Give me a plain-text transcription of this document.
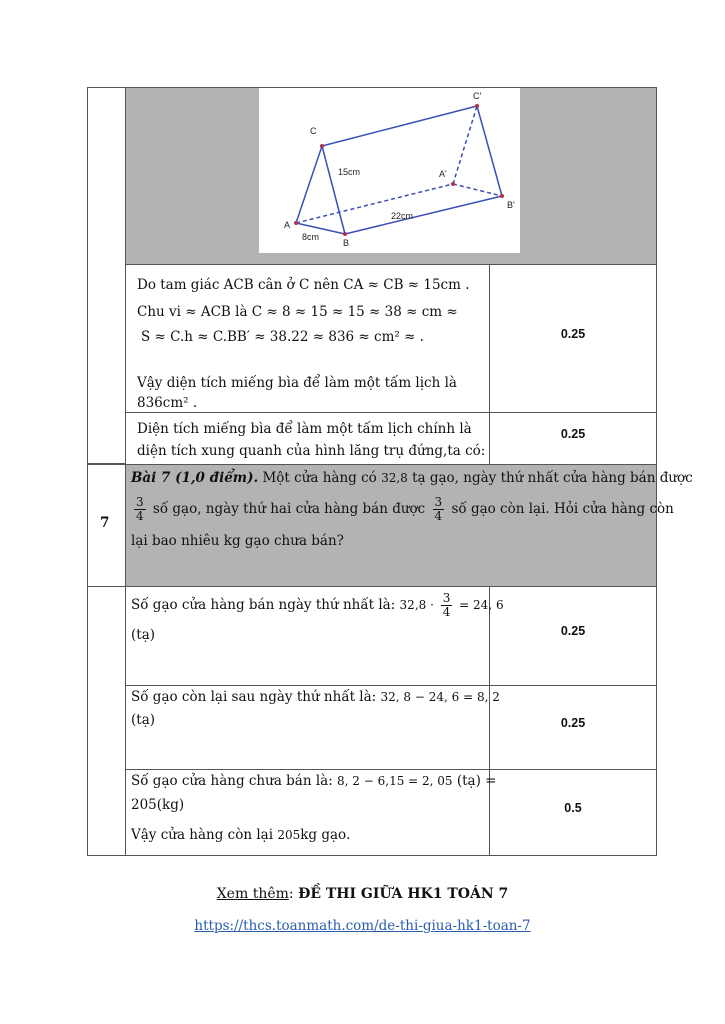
C
A
B
C'
A'
B'
15cm
22cm
8cm
Do tam giác ACB cân ở C nên CA ≈ CB ≈ 15cm .
Chu vi ≈ ACB là C ≈ 8 ≈ 15 ≈ 15 ≈ 38 ≈ cm ≈
S ≈ C.h ≈ C.BB′ ≈ 38.22 ≈ 836 ≈ cm² ≈ .
Vậy diện tích miếng bìa để làm một tấm lịch là
836cm² .
0.25
Diện tích miếng bìa để làm một tấm lịch chính là
diện tích xung quanh của hình lăng trụ đứng,ta có:
0.25
7
Bài 7 (1,0 điểm). Một cửa hàng có 32,8 tạ gạo, ngày thứ nhất cửa hàng bán được
$\frac{3}{4}$ số gạo, ngày thứ hai cửa hàng bán được $\frac{3}{4}$ số gạo còn lại. Hỏi cửa hàng còn
lại bao nhiêu kg gạo chưa bán?
Số gạo cửa hàng bán ngày thứ nhất là: $32,8 \cdot \frac{3}{4} = 24$, 6
(tạ)	0.25
Số gạo còn lại sau ngày thứ nhất là: 32, 8 − 24, 6 = 8, 2
(tạ)	0.25
Số gạo cửa hàng chưa bán là: 8, 2 − 6,15 = 2, 05 (tạ) =
205(kg)
Vậy cửa hàng còn lại 205kg gạo.
0.5
Xem thêm: ĐỀ THI GIỮA HK1 TOÁN 7
https://thcs.toanmath.com/de-thi-giua-hk1-toan-7
